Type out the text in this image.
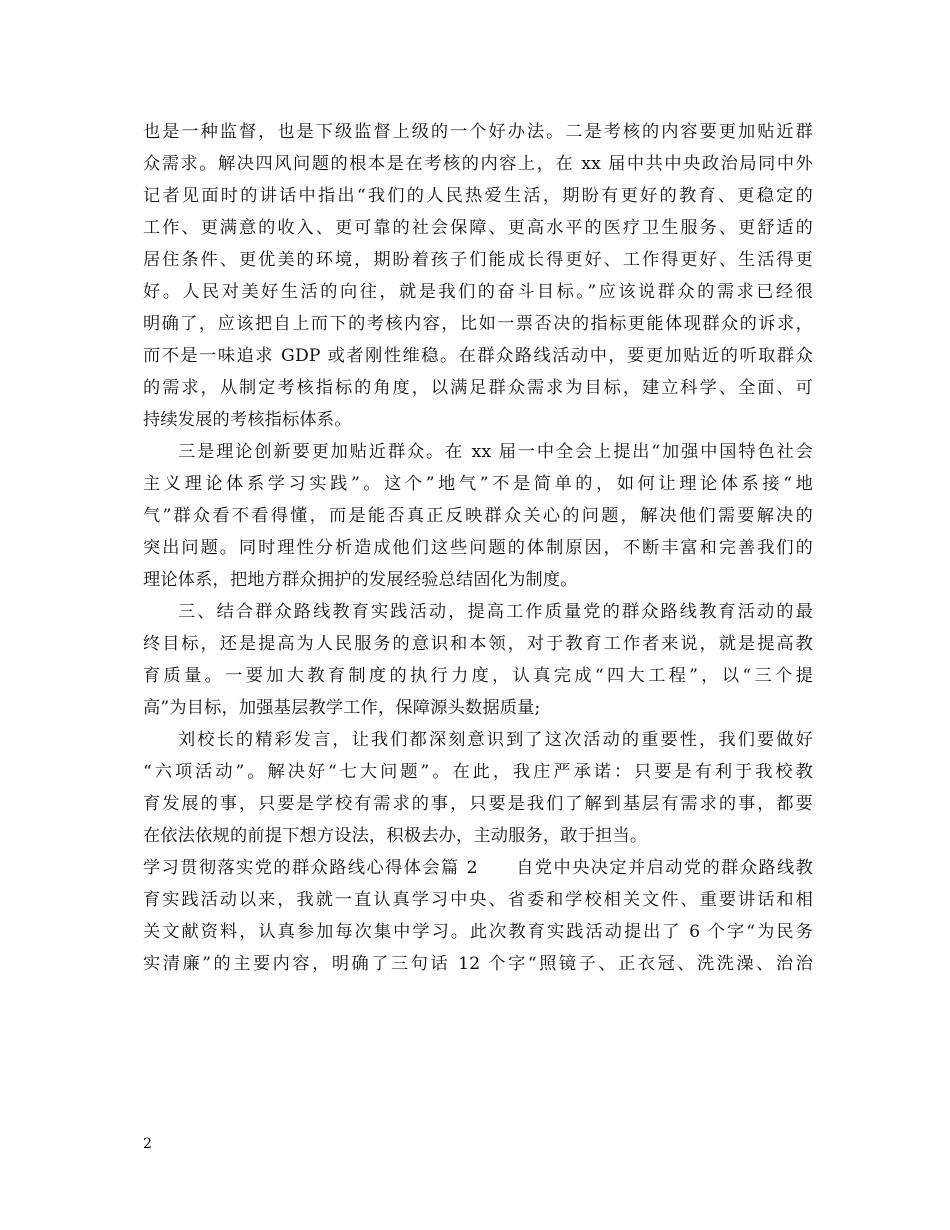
也是一种监督，也是下级监督上级的一个好办法。二是考核的内容要更加贴近群
众需求。解决四风问题的根本是在考核的内容上，在 xx 届中共中央政治局同中外
记者见面时的讲话中指出“我们的人民热爱生活，期盼有更好的教育、更稳定的
工作、更满意的收入、更可靠的社会保障、更高水平的医疗卫生服务、更舒适的
居住条件、更优美的环境，期盼着孩子们能成长得更好、工作得更好、生活得更
好。人民对美好生活的向往，就是我们的奋斗目标。”应该说群众的需求已经很
明确了，应该把自上而下的考核内容，比如一票否决的指标更能体现群众的诉求，
而不是一味追求 GDP 或者刚性维稳。在群众路线活动中，要更加贴近的听取群众
的需求，从制定考核指标的角度，以满足群众需求为目标，建立科学、全面、可
持续发展的考核指标体系。
三是理论创新要更加贴近群众。在 xx 届一中全会上提出“加强中国特色社会
主义理论体系学习实践”。这个”地气”不是简单的，如何让理论体系接“地
气”群众看不看得懂，而是能否真正反映群众关心的问题，解决他们需要解决的
突出问题。同时理性分析造成他们这些问题的体制原因，不断丰富和完善我们的
理论体系，把地方群众拥护的发展经验总结固化为制度。
三、结合群众路线教育实践活动，提高工作质量党的群众路线教育活动的最
终目标，还是提高为人民服务的意识和本领，对于教育工作者来说，就是提高教
育质量。一要加大教育制度的执行力度，认真完成“四大工程”，以“三个提
高”为目标，加强基层教学工作，保障源头数据质量;
刘校长的精彩发言，让我们都深刻意识到了这次活动的重要性，我们要做好
“六项活动”。解决好“七大问题”。在此，我庄严承诺：只要是有利于我校教
育发展的事，只要是学校有需求的事，只要是我们了解到基层有需求的事，都要
在依法依规的前提下想方设法，积极去办，主动服务，敢于担当。
学习贯彻落实党的群众路线心得体会篇 2　　自党中央决定并启动党的群众路线教
育实践活动以来，我就一直认真学习中央、省委和学校相关文件、重要讲话和相
关文献资料，认真参加每次集中学习。此次教育实践活动提出了 6 个字“为民务
实清廉”的主要内容，明确了三句话 12 个字“照镜子、正衣冠、洗洗澡、治治
2
